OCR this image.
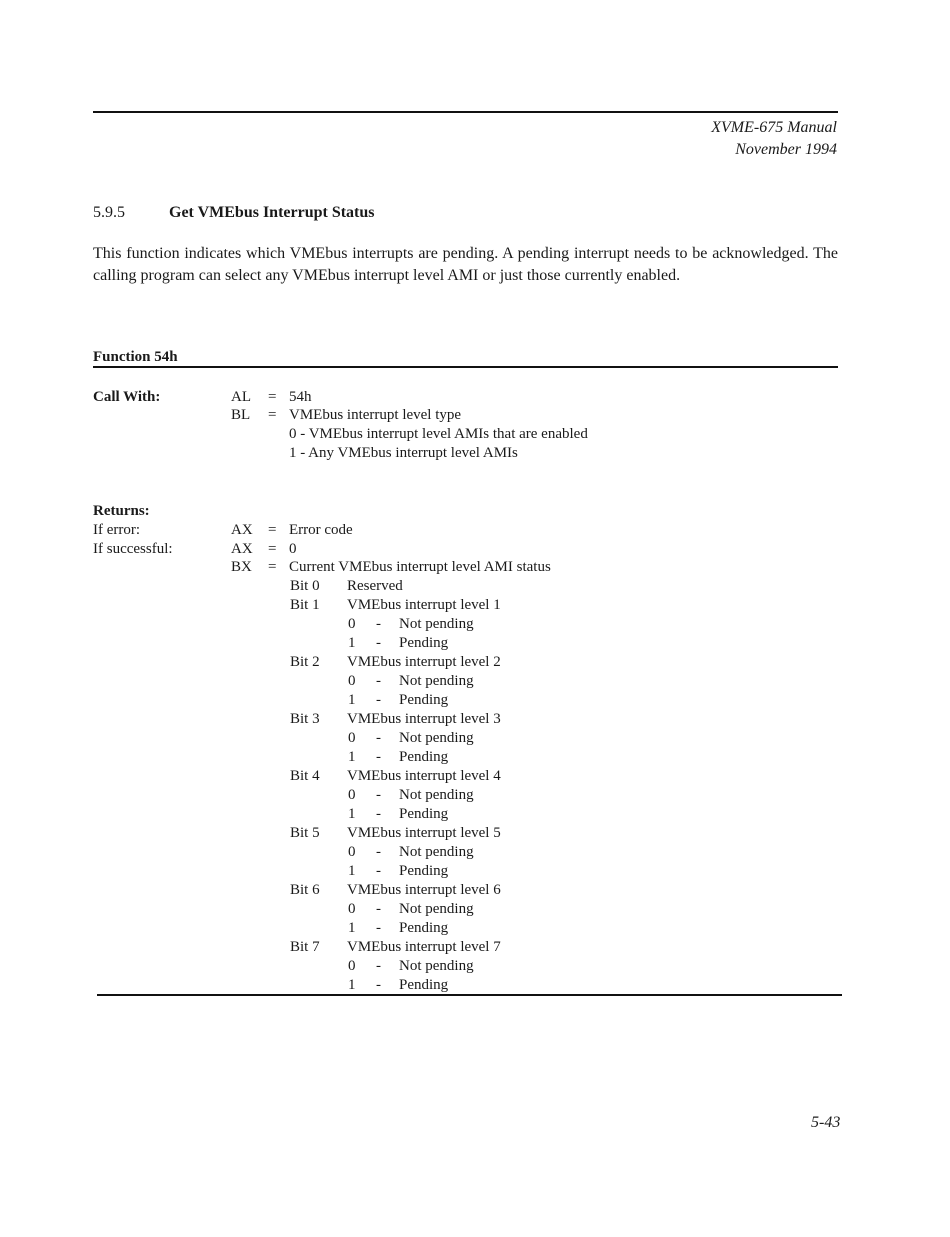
XVME-675 Manual
November 1994
5.9.5	Get VMEbus Interrupt Status
This function indicates which VMEbus interrupts are pending. A pending interrupt needs to be acknowledged. The calling program can select any VMEbus interrupt level AMI or just those currently enabled.
Function 54h
Call With:	AL = 54h
BL = VMEbus interrupt level type
0 - VMEbus interrupt level AMIs that are enabled
1 - Any VMEbus interrupt level AMIs
Returns:
If error:
If successful:
AX = Error code
AX = 0
BX = Current VMEbus interrupt level AMI status
Bit 0 Reserved
Bit 1 VMEbus interrupt level 1
0 - Not pending
1 - Pending
Bit 2 VMEbus interrupt level 2
0 - Not pending
1 - Pending
Bit 3 VMEbus interrupt level 3
0 - Not pending
1 - Pending
Bit 4 VMEbus interrupt level 4
0 - Not pending
1 - Pending
Bit 5 VMEbus interrupt level 5
0 - Not pending
1 - Pending
Bit 6 VMEbus interrupt level 6
0 - Not pending
1 - Pending
Bit 7 VMEbus interrupt level 7
0 - Not pending
1 - Pending
5-43
